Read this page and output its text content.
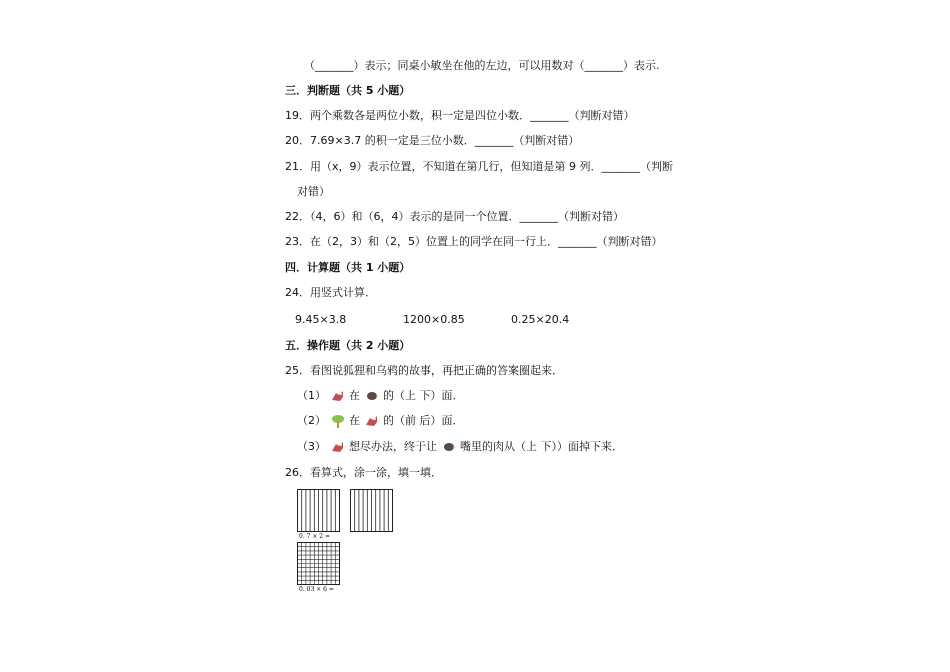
（_______）表示；同桌小敏坐在他的左边，可以用数对（_______）表示.
三．判断题（共 5 小题）
19．两个乘数各是两位小数，积一定是四位小数．_______（判断对错）
20．7.69×3.7 的积一定是三位小数．_______（判断对错）
21．用（x，9）表示位置，不知道在第几行，但知道是第 9 列．_______（判断
对错）
22．（4，6）和（6，4）表示的是同一个位置．_______（判断对错）
23．在（2，3）和（2，5）位置上的同学在同一行上．_______（判断对错）
四．计算题（共 1 小题）
24．用竖式计算．
9.45×3.8	1200×0.85	0.25×20.4
五．操作题（共 2 小题）
25．看图说狐狸和乌鸦的故事，再把正确的答案圈起来．
（1） 在 的（上 下）面．
（2） 在 的（前 后）面．
（3） 想尽办法，终于让 嘴里的肉从（上 下））面掉下来．
26．看算式，涂一涂，填一填．
0. 7 × 2 =
0. 03 × 6 =
